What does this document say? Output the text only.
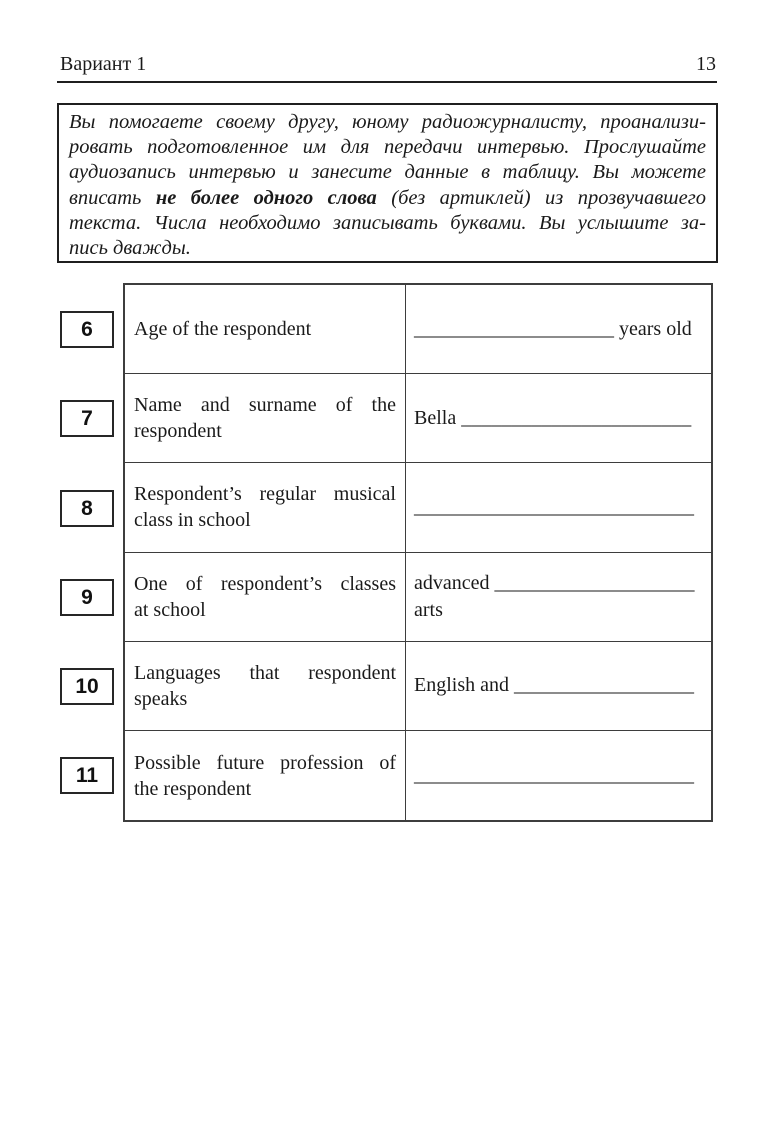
Вариант 1	13
Вы помогаете своему другу, юному радиожурналисту, проанализи-
ровать подготовленное им для передачи интервью. Прослушайте
аудиозапись интервью и занесите данные в таблицу. Вы можете
вписать не более одного слова (без артиклей) из прозвучавшего
текста. Числа необходимо записывать буквами. Вы услышите за-
пись дважды.
Age of the respondent	____________________ years old
Name and surname of the
respondent
Bella _______________________
Respondent’s regular musical
class in school
____________________________
One of respondent’s classes
at school
advanced ____________________
arts
Languages that respondent
speaks
English and __________________
Possible future profession of
the respondent
____________________________
6
7
8
9
10
11
